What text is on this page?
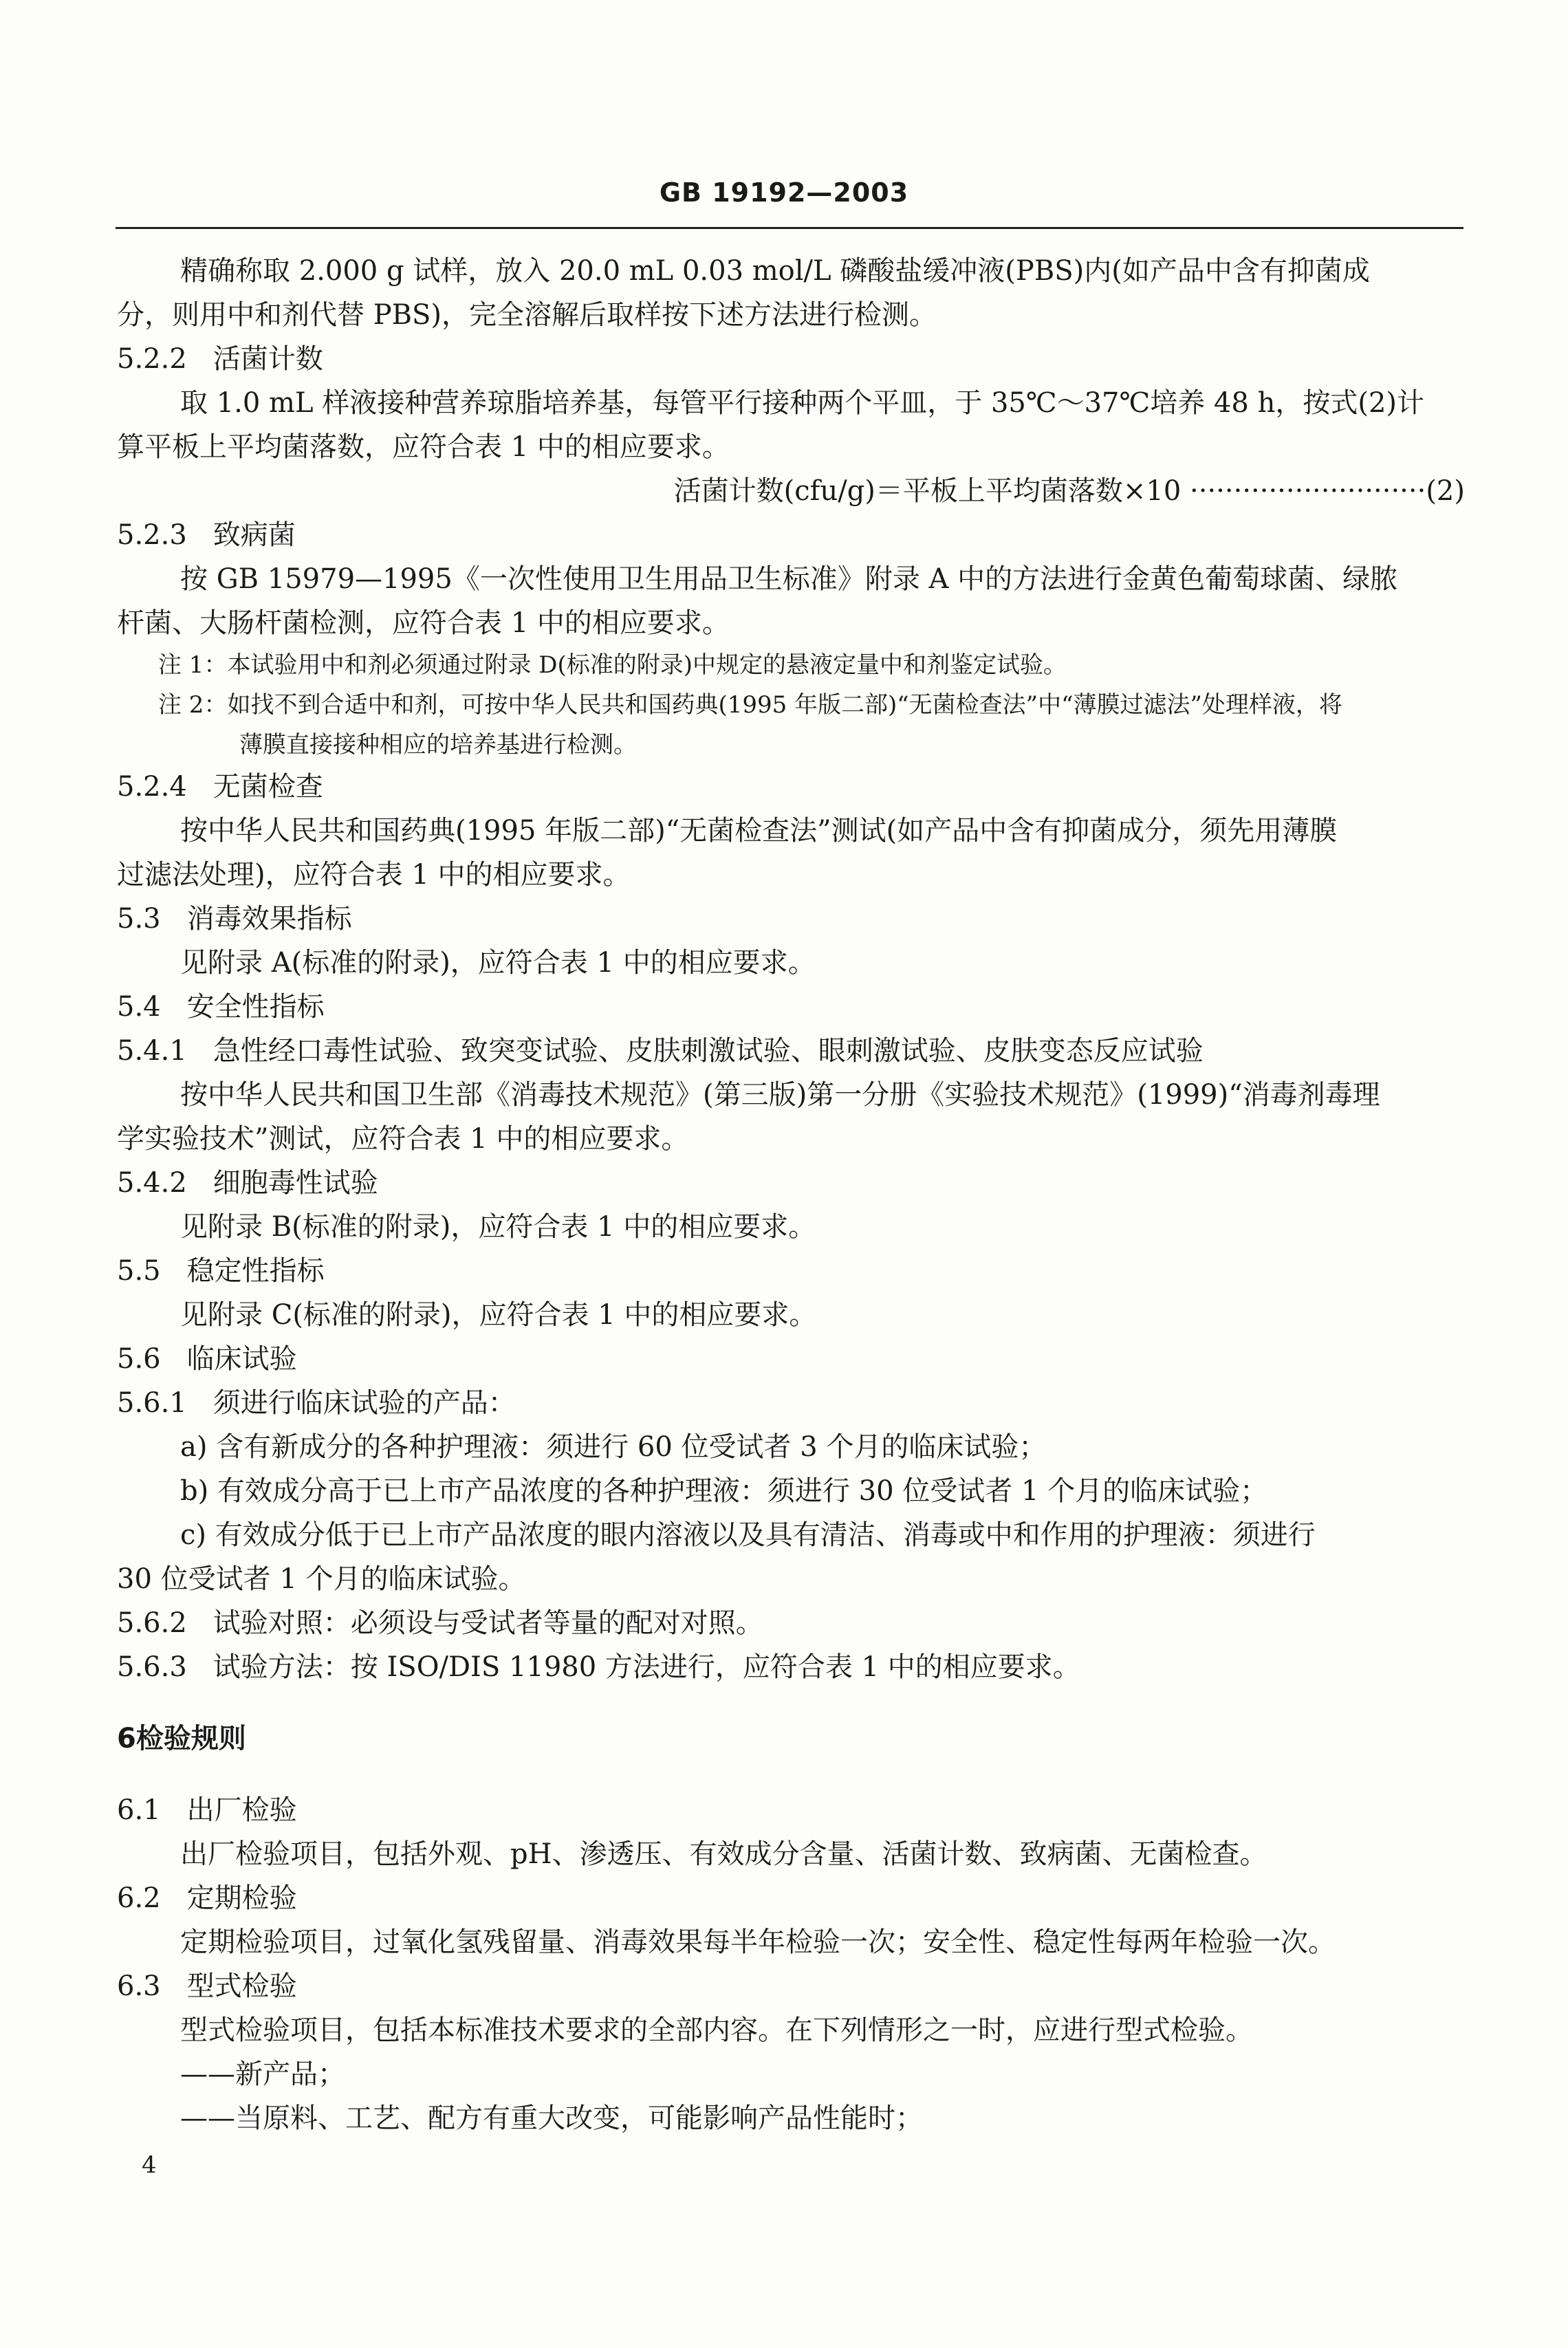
GB 19192—2003
精确称取 2.000 g 试样，放入 20.0 mL 0.03 mol/L 磷酸盐缓冲液(PBS)内(如产品中含有抑菌成
分，则用中和剂代替 PBS)，完全溶解后取样按下述方法进行检测。
5.2.2 活菌计数
取 1.0 mL 样液接种营养琼脂培养基，每管平行接种两个平皿，于 35℃～37℃培养 48 h，按式(2)计
算平板上平均菌落数，应符合表 1 中的相应要求。
活菌计数(cfu/g)＝平板上平均菌落数×10 ···························(2)
5.2.3 致病菌
按 GB 15979—1995《一次性使用卫生用品卫生标准》附录 A 中的方法进行金黄色葡萄球菌、绿脓
杆菌、大肠杆菌检测，应符合表 1 中的相应要求。
注 1：本试验用中和剂必须通过附录 D(标准的附录)中规定的悬液定量中和剂鉴定试验。
注 2：如找不到合适中和剂，可按中华人民共和国药典(1995 年版二部)“无菌检查法”中“薄膜过滤法”处理样液，将
薄膜直接接种相应的培养基进行检测。
5.2.4 无菌检查
按中华人民共和国药典(1995 年版二部)“无菌检查法”测试(如产品中含有抑菌成分，须先用薄膜
过滤法处理)，应符合表 1 中的相应要求。
5.3 消毒效果指标
见附录 A(标准的附录)，应符合表 1 中的相应要求。
5.4 安全性指标
5.4.1 急性经口毒性试验、致突变试验、皮肤刺激试验、眼刺激试验、皮肤变态反应试验
按中华人民共和国卫生部《消毒技术规范》(第三版)第一分册《实验技术规范》(1999)“消毒剂毒理
学实验技术”测试，应符合表 1 中的相应要求。
5.4.2 细胞毒性试验
见附录 B(标准的附录)，应符合表 1 中的相应要求。
5.5 稳定性指标
见附录 C(标准的附录)，应符合表 1 中的相应要求。
5.6 临床试验
5.6.1 须进行临床试验的产品：
a) 含有新成分的各种护理液：须进行 60 位受试者 3 个月的临床试验；
b) 有效成分高于已上市产品浓度的各种护理液：须进行 30 位受试者 1 个月的临床试验；
c) 有效成分低于已上市产品浓度的眼内溶液以及具有清洁、消毒或中和作用的护理液：须进行
30 位受试者 1 个月的临床试验。
5.6.2 试验对照：必须设与受试者等量的配对对照。
5.6.3 试验方法：按 ISO/DIS 11980 方法进行，应符合表 1 中的相应要求。
6检验规则
6.1 出厂检验
出厂检验项目，包括外观、pH、渗透压、有效成分含量、活菌计数、致病菌、无菌检查。
6.2 定期检验
定期检验项目，过氧化氢残留量、消毒效果每半年检验一次；安全性、稳定性每两年检验一次。
6.3 型式检验
型式检验项目，包括本标准技术要求的全部内容。在下列情形之一时，应进行型式检验。
——新产品；
——当原料、工艺、配方有重大改变，可能影响产品性能时；
4
